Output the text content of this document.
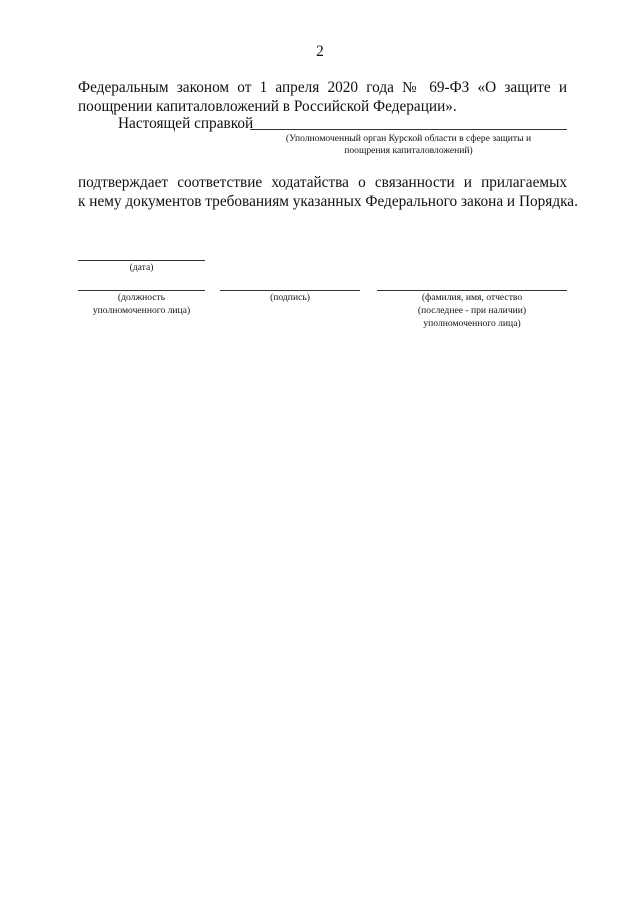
2
Федеральным законом от 1 апреля 2020 года № 69-ФЗ «О защите и
поощрении капиталовложений в Российской Федерации».
Настоящей справкой
(Уполномоченный орган Курской области в сфере защиты и
поощрения капиталовложений)
подтверждает соответствие ходатайства о связанности и прилагаемых
к нему документов требованиям указанных Федерального закона и Порядка.
(дата)
(должность
уполномоченного лица)
(подпись)	(фамилия, имя, отчество
(последнее - при наличии)
уполномоченного лица)
